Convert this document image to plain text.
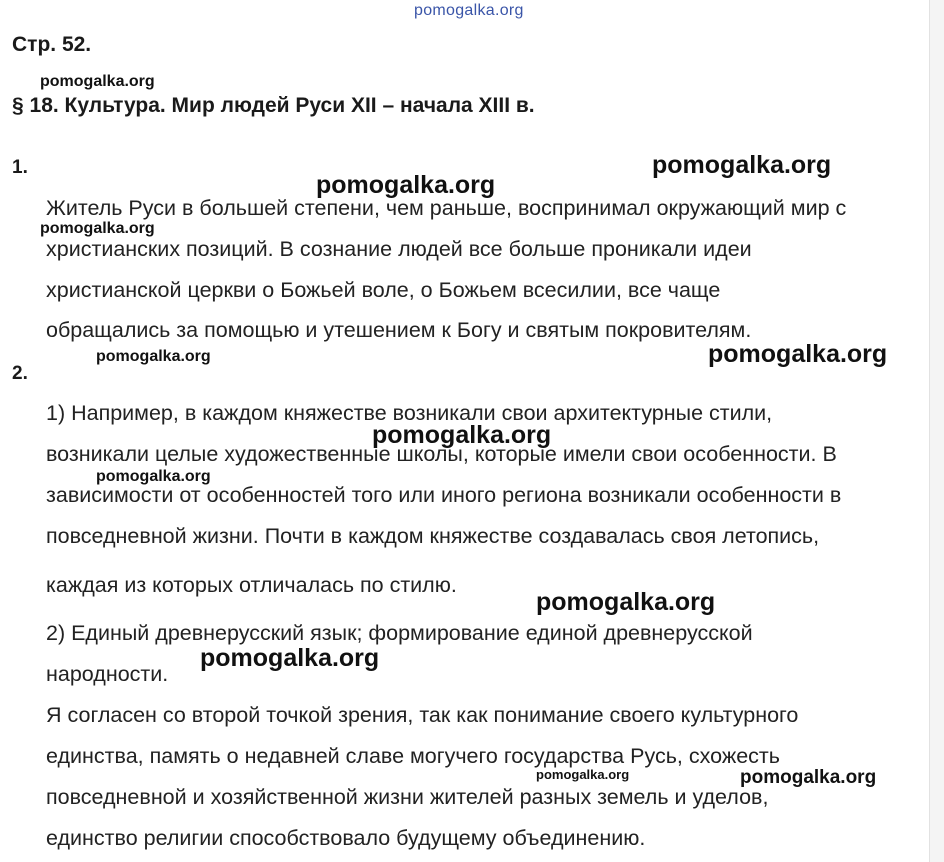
Стр. 52.
§ 18. Культура. Мир людей Руси XII – начала XIII в.
1.
Житель Руси в большей степени, чем раньше, воспринимал окружающий мир с
христианских позиций. В сознание людей все больше проникали идеи
христианской церкви о Божьей воле, о Божьем всесилии, все чаще
обращались за помощью и утешением к Богу и святым покровителям.
2.
1) Например, в каждом княжестве возникали свои архитектурные стили,
возникали целые художественные школы, которые имели свои особенности. В
зависимости от особенностей того или иного региона возникали особенности в
повседневной жизни. Почти в каждом княжестве создавалась своя летопись,
каждая из которых отличалась по стилю.
2) Единый древнерусский язык; формирование единой древнерусской
народности.
Я согласен со второй точкой зрения, так как понимание своего культурного
единства, память о недавней славе могучего государства Русь, схожесть
повседневной и хозяйственной жизни жителей разных земель и уделов,
единство религии способствовало будущему объединению.
pomogalka.org
pomogalka.org
pomogalka.org
pomogalka.org
pomogalka.org
pomogalka.org	pomogalka.org
pomogalka.org
pomogalka.org
pomogalka.org
pomogalka.org
pomogalka.org	pomogalka.org
